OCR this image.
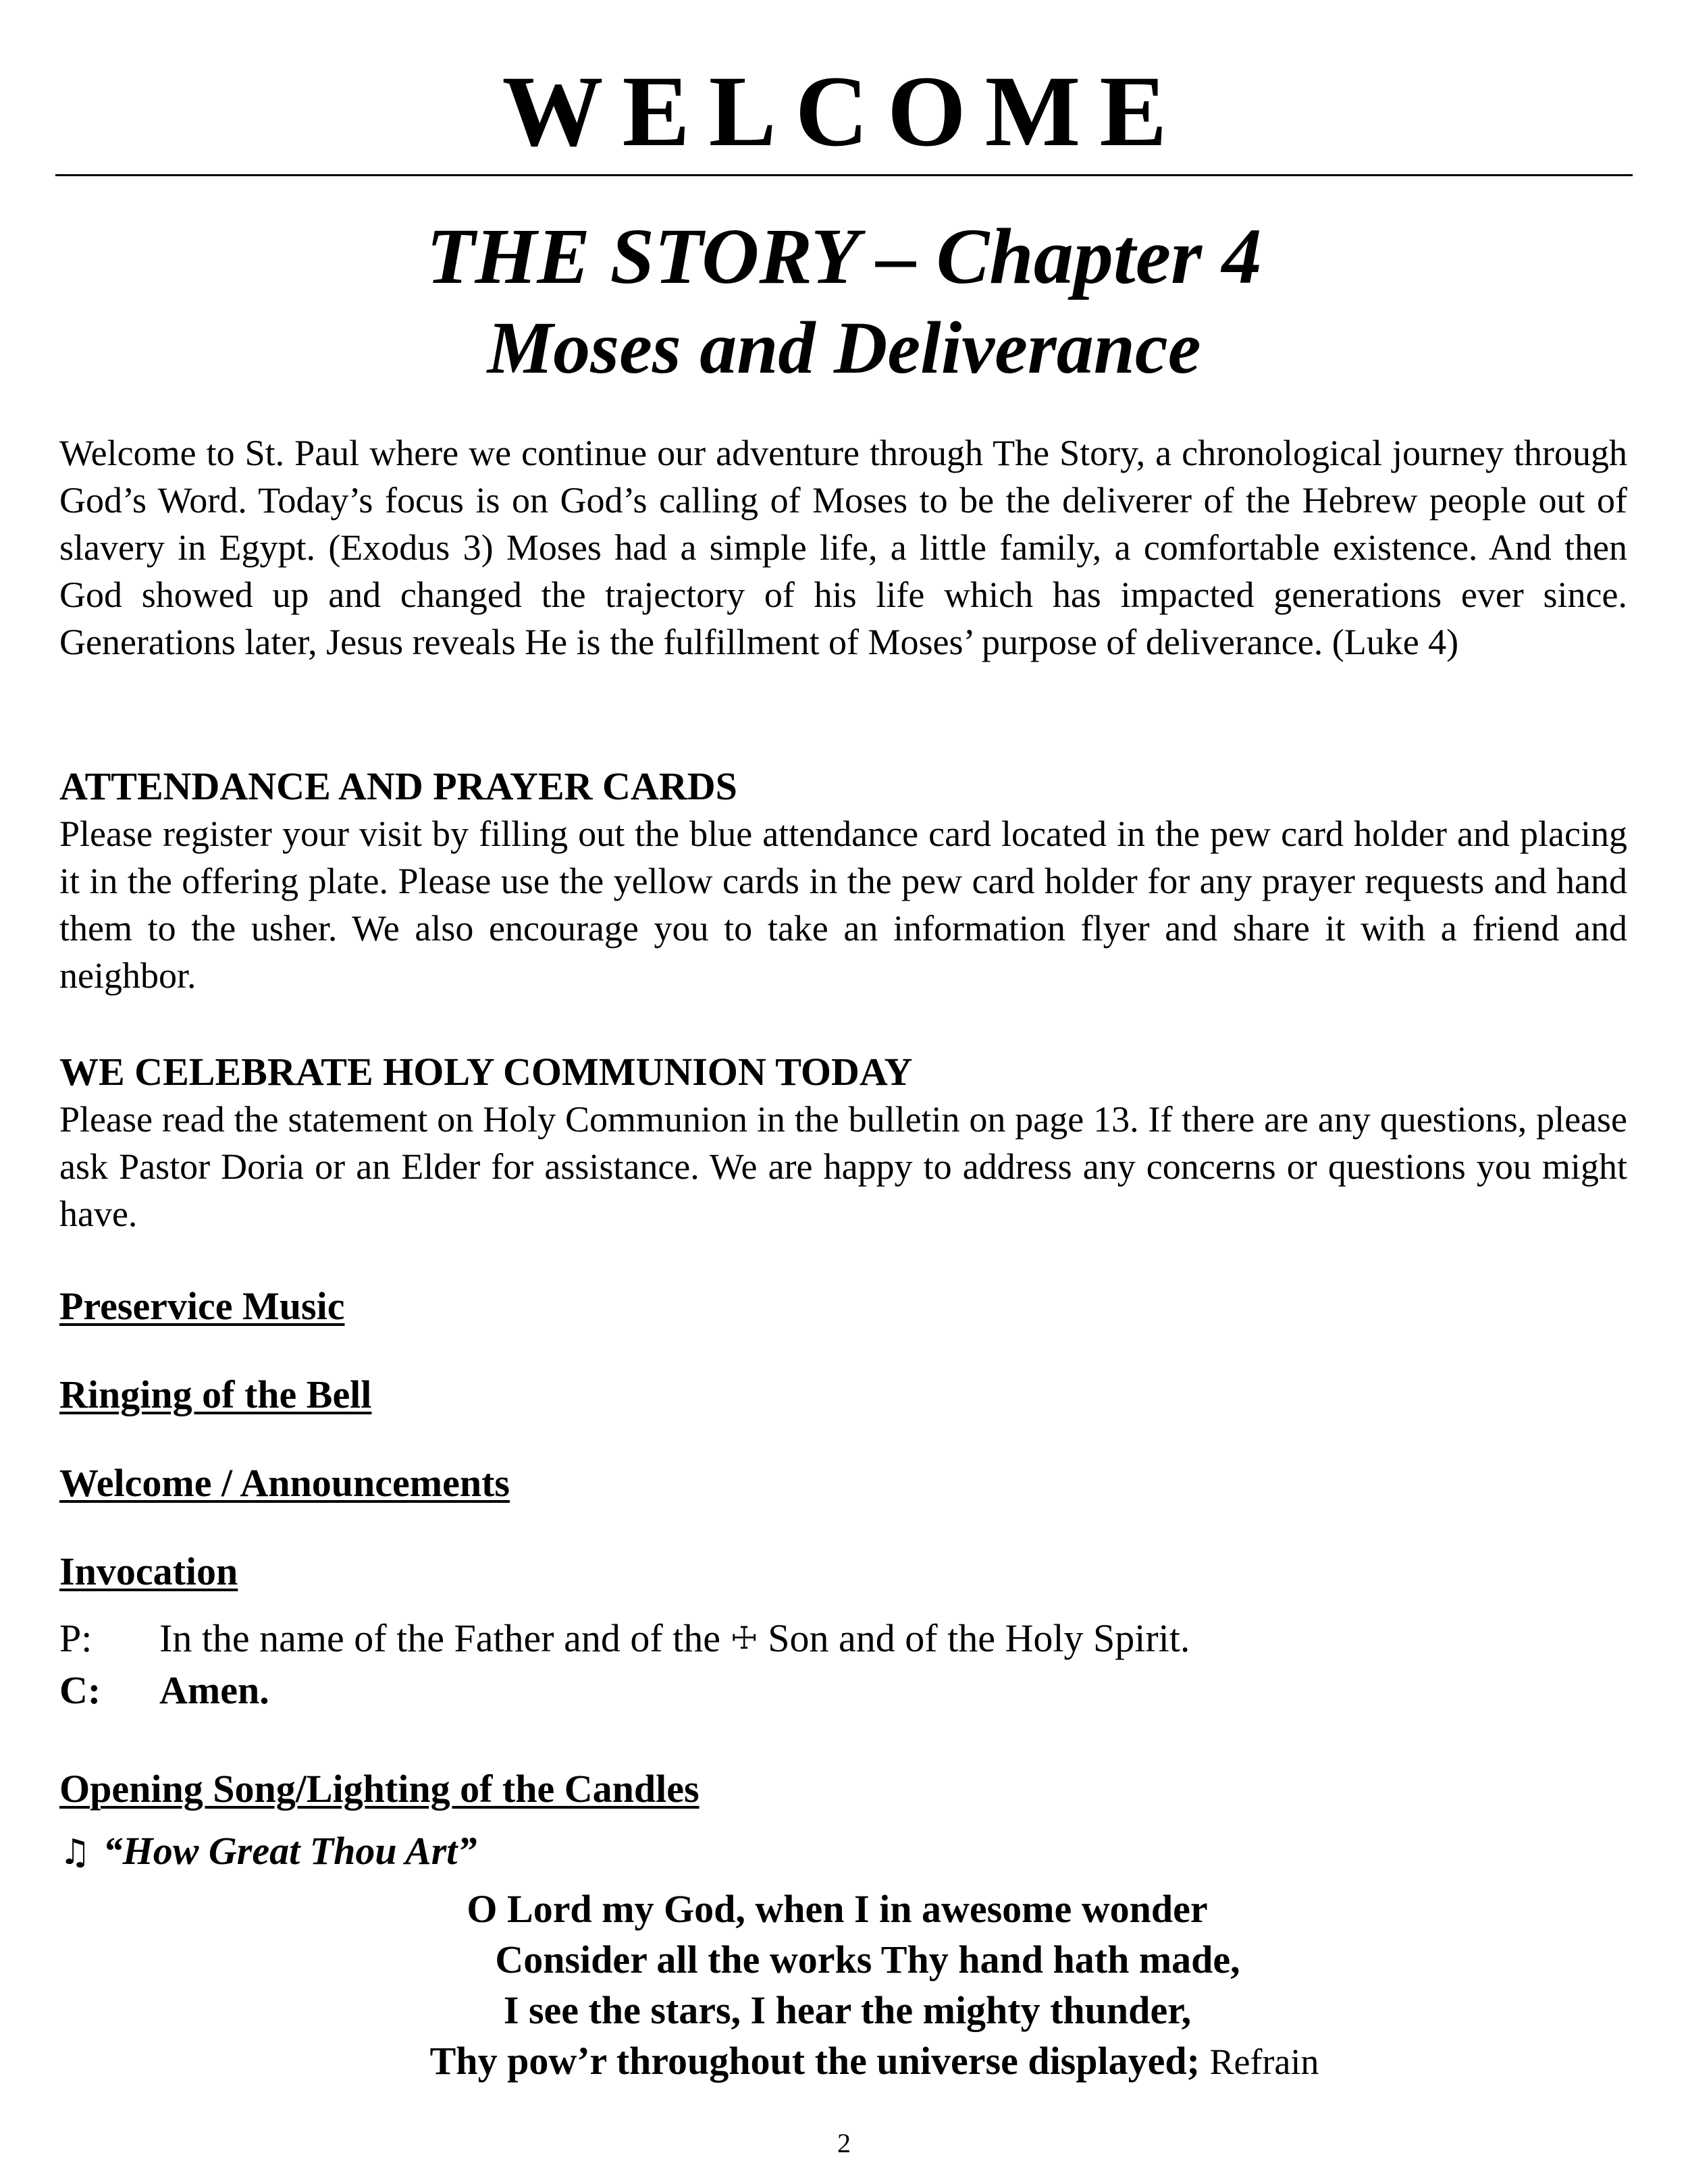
WELCOME
THE STORY – Chapter 4
Moses and Deliverance

Welcome to St. Paul where we continue our adventure through The Story, a chronological journey through God’s Word. Today’s focus is on God’s calling of Moses to be the deliverer of the Hebrew people out of slavery in Egypt. (Exodus 3) Moses had a simple life, a little family, a comfortable existence. And then God showed up and changed the trajectory of his life which has impacted generations ever since. Generations later, Jesus reveals He is the fulfillment of Moses’ purpose of deliverance. (Luke 4)

ATTENDANCE AND PRAYER CARDS

Please register your visit by filling out the blue attendance card located in the pew card holder and placing it in the offering plate. Please use the yellow cards in the pew card holder for any prayer requests and hand them to the usher. We also encourage you to take an information flyer and share it with a friend and neighbor.

WE CELEBRATE HOLY COMMUNION TODAY

Please read the statement on Holy Communion in the bulletin on page 13. If there are any questions, please ask Pastor Doria or an Elder for assistance. We are happy to address any concerns or questions you might have.

Preservice Music

Ringing of the Bell

Welcome / Announcements

Invocation

P: In the name of the Father and of the ☩ Son and of the Holy Spirit.
C: Amen.

Opening Song/Lighting of the Candles

♫ “How Great Thou Art”
O Lord my God, when I in awesome wonder
Consider all the works Thy hand hath made,
I see the stars, I hear the mighty thunder,
Thy pow’r throughout the universe displayed; Refrain
2
